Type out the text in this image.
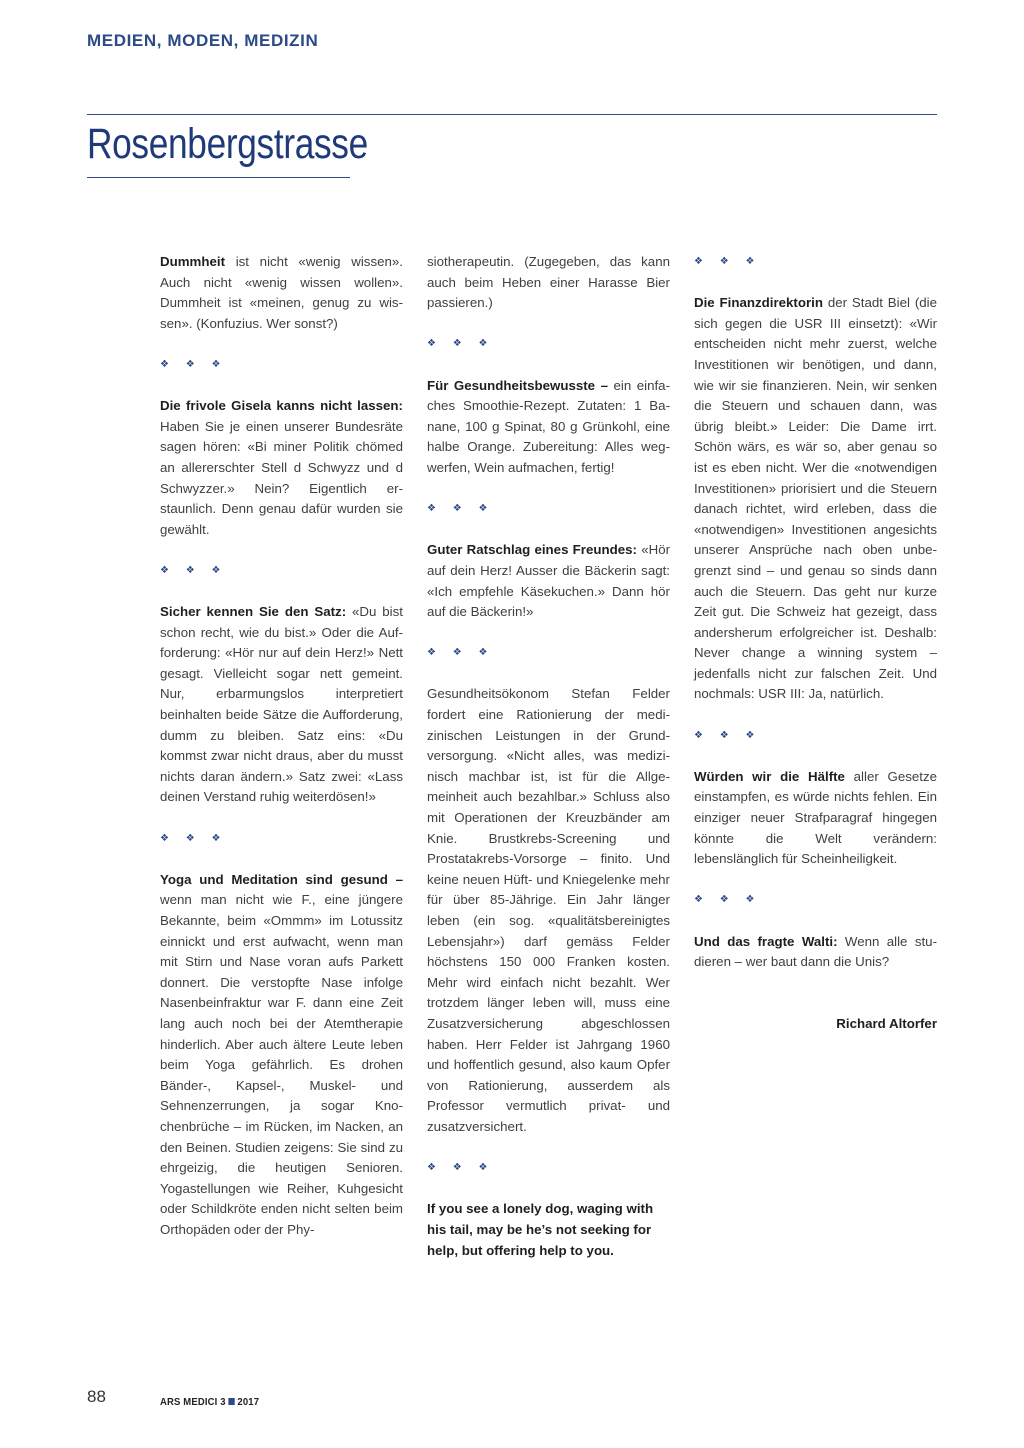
MEDIEN, MODEN, MEDIZIN
Rosenbergstrasse

Dummheit ist nicht «wenig wissen». Auch nicht «wenig wissen wollen». Dummheit ist «meinen, genug zu wissen». (Konfuzius. Wer sonst?)

❖ ❖ ❖

Die frivole Gisela kanns nicht lassen: Haben Sie je einen unserer Bundesräte sagen hören: «Bi miner Politik chömed an allererschter Stell d Schwyzz und d Schwyzzer.» Nein? Eigentlich erstaunlich. Denn genau dafür wurden sie gewählt.

❖ ❖ ❖

Sicher kennen Sie den Satz: «Du bist schon recht, wie du bist.» Oder die Aufforderung: «Hör nur auf dein Herz!» Nett gesagt. Vielleicht sogar nett gemeint. Nur, erbarmungslos interpretiert beinhalten beide Sätze die Aufforderung, dumm zu bleiben. Satz eins: «Du kommst zwar nicht draus, aber du musst nichts daran ändern.» Satz zwei: «Lass deinen Verstand ruhig weiterdösen!»

❖ ❖ ❖

Yoga und Meditation sind gesund – wenn man nicht wie F., eine jüngere Bekannte, beim «Ommm» im Lotussitz einnickt und erst aufwacht, wenn man mit Stirn und Nase voran aufs Parkett donnert. Die verstopfte Nase infolge Nasenbeinfraktur war F. dann eine Zeit lang auch noch bei der Atemtherapie hinderlich. Aber auch ältere Leute leben beim Yoga gefährlich. Es drohen Bänder-, Kapsel-, Muskel- und Sehnenzerrungen, ja sogar Knochenbrüche – im Rücken, im Nacken, an den Beinen. Studien zeigens: Sie sind zu ehrgeizig, die heutigen Senioren. Yogastellungen wie Reiher, Kuhgesicht oder Schildkröte enden nicht selten beim Orthopäden oder der Phy-

siotherapeutin. (Zugegeben, das kann auch beim Heben einer Harasse Bier passieren.)

❖ ❖ ❖

Für Gesundheitsbewusste – ein einfaches Smoothie-Rezept. Zutaten: 1 Banane, 100 g Spinat, 80 g Grünkohl, eine halbe Orange. Zubereitung: Alles wegwerfen, Wein aufmachen, fertig!

❖ ❖ ❖

Guter Ratschlag eines Freundes: «Hör auf dein Herz! Ausser die Bäckerin sagt: «Ich empfehle Käsekuchen.» Dann hör auf die Bäckerin!»

❖ ❖ ❖

Gesundheitsökonom Stefan Felder fordert eine Rationierung der medizinischen Leistungen in der Grundversorgung. «Nicht alles, was medizinisch machbar ist, ist für die Allgemeinheit auch bezahlbar.» Schluss also mit Operationen der Kreuzbänder am Knie. Brustkrebs-Screening und Prostatakrebs-Vorsorge – finito. Und keine neuen Hüft- und Kniegelenke mehr für über 85-Jährige. Ein Jahr länger leben (ein sog. «qualitätsbereinigtes Lebensjahr») darf gemäss Felder höchstens 150 000 Franken kosten. Mehr wird einfach nicht bezahlt. Wer trotzdem länger leben will, muss eine Zusatzversicherung abgeschlossen haben. Herr Felder ist Jahrgang 1960 und hoffentlich gesund, also kaum Opfer von Rationierung, ausserdem als Professor vermutlich privat- und zusatzversichert.

❖ ❖ ❖

If you see a lonely dog, waging with his tail, may be he’s not seeking for help, but offering help to you.

❖ ❖ ❖

Die Finanzdirektorin der Stadt Biel (die sich gegen die USR III einsetzt): «Wir entscheiden nicht mehr zuerst, welche Investitionen wir benötigen, und dann, wie wir sie finanzieren. Nein, wir senken die Steuern und schauen dann, was übrig bleibt.» Leider: Die Dame irrt. Schön wärs, es wär so, aber genau so ist es eben nicht. Wer die «notwendigen Investitionen» priorisiert und die Steuern danach richtet, wird erleben, dass die «notwendigen» Investitionen angesichts unserer Ansprüche nach oben unbegrenzt sind – und genau so sinds dann auch die Steuern. Das geht nur kurze Zeit gut. Die Schweiz hat gezeigt, dass andersherum erfolgreicher ist. Deshalb: Never change a winning system – jedenfalls nicht zur falschen Zeit. Und nochmals: USR III: Ja, natürlich.

❖ ❖ ❖

Würden wir die Hälfte aller Gesetze einstampfen, es würde nichts fehlen. Ein einziger neuer Strafparagraf hingegen könnte die Welt verändern: lebenslänglich für Scheinheiligkeit.

❖ ❖ ❖

Und das fragte Walti: Wenn alle studieren – wer baut dann die Unis?

Richard Altorfer

88	ARS MEDICI 3 2017
